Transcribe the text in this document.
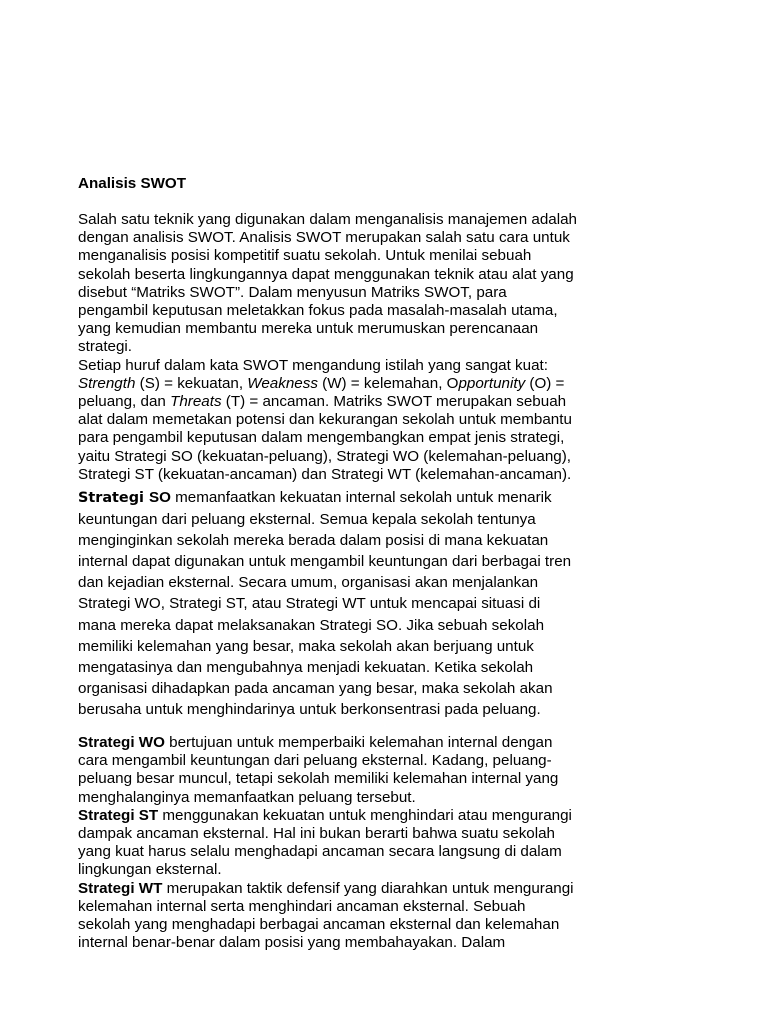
Analisis SWOT
Salah satu teknik yang digunakan dalam menganalisis manajemen adalah
dengan analisis SWOT. Analisis SWOT merupakan salah satu cara untuk
menganalisis posisi kompetitif suatu sekolah. Untuk menilai sebuah
sekolah beserta lingkungannya dapat menggunakan teknik atau alat yang
disebut “Matriks SWOT”. Dalam menyusun Matriks SWOT, para
pengambil keputusan meletakkan fokus pada masalah-masalah utama,
yang kemudian membantu mereka untuk merumuskan perencanaan
strategi.
Setiap huruf dalam kata SWOT mengandung istilah yang sangat kuat:
Strength (S) = kekuatan, Weakness (W) = kelemahan, Opportunity (O) =
peluang, dan Threats (T) = ancaman. Matriks SWOT merupakan sebuah
alat dalam memetakan potensi dan kekurangan sekolah untuk membantu
para pengambil keputusan dalam mengembangkan empat jenis strategi,
yaitu Strategi SO (kekuatan-peluang), Strategi WO (kelemahan-peluang),
Strategi ST (kekuatan-ancaman) dan Strategi WT (kelemahan-ancaman).
Strategi SO memanfaatkan kekuatan internal sekolah untuk menarik
keuntungan dari peluang eksternal. Semua kepala sekolah tentunya
menginginkan sekolah mereka berada dalam posisi di mana kekuatan
internal dapat digunakan untuk mengambil keuntungan dari berbagai tren
dan kejadian eksternal. Secara umum, organisasi akan menjalankan
Strategi WO, Strategi ST, atau Strategi WT untuk mencapai situasi di
mana mereka dapat melaksanakan Strategi SO. Jika sebuah sekolah
memiliki kelemahan yang besar, maka sekolah akan berjuang untuk
mengatasinya dan mengubahnya menjadi kekuatan. Ketika sekolah
organisasi dihadapkan pada ancaman yang besar, maka sekolah akan
berusaha untuk menghindarinya untuk berkonsentrasi pada peluang.
Strategi WO bertujuan untuk memperbaiki kelemahan internal dengan
cara mengambil keuntungan dari peluang eksternal. Kadang, peluang-
peluang besar muncul, tetapi sekolah memiliki kelemahan internal yang
menghalanginya memanfaatkan peluang tersebut.
Strategi ST menggunakan kekuatan untuk menghindari atau mengurangi
dampak ancaman eksternal. Hal ini bukan berarti bahwa suatu sekolah
yang kuat harus selalu menghadapi ancaman secara langsung di dalam
lingkungan eksternal.
Strategi WT merupakan taktik defensif yang diarahkan untuk mengurangi
kelemahan internal serta menghindari ancaman eksternal. Sebuah
sekolah yang menghadapi berbagai ancaman eksternal dan kelemahan
internal benar-benar dalam posisi yang membahayakan. Dalam
